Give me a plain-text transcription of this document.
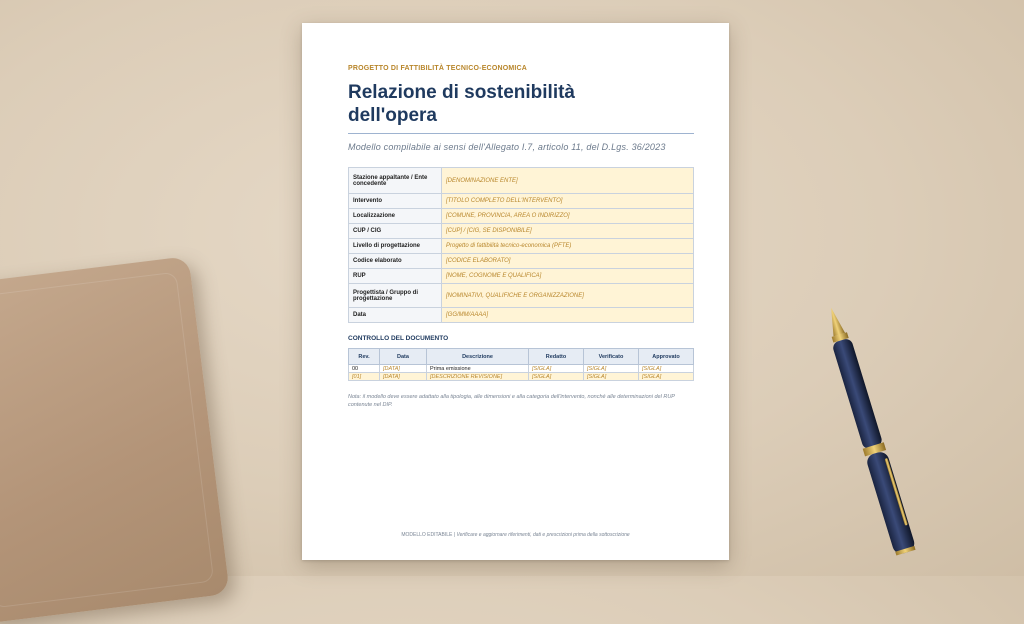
PROGETTO DI FATTIBILITÀ TECNICO-ECONOMICA
Relazione di sostenibilità
dell'opera
Modello compilabile ai sensi dell'Allegato I.7, articolo 11, del D.Lgs. 36/2023
Stazione appaltante / Ente concedente	[DENOMINAZIONE ENTE]
Intervento	[TITOLO COMPLETO DELL'INTERVENTO]
Localizzazione	[COMUNE, PROVINCIA, AREA O INDIRIZZO]
CUP / CIG	[CUP] / [CIG, SE DISPONIBILE]
Livello di progettazione	Progetto di fattibilità tecnico-economica (PFTE)
Codice elaborato	[CODICE ELABORATO]
RUP	[NOME, COGNOME E QUALIFICA]
Progettista / Gruppo di progettazione	[NOMINATIVI, QUALIFICHE E ORGANIZZAZIONE]
Data	[GG/MM/AAAA]
CONTROLLO DEL DOCUMENTO
Rev.	Data	Descrizione	Redatto	Verificato	Approvato
00	[DATA]	Prima emissione	[SIGLA]	[SIGLA]	[SIGLA]
[01]	[DATA]	[DESCRIZIONE REVISIONE]	[SIGLA]	[SIGLA]	[SIGLA]
Nota: il modello deve essere adattato alla tipologia, alle dimensioni e alla categoria dell'intervento, nonché alle determinazioni del RUP contenute nel DIP.
MODELLO EDITABILE | Verificare e aggiornare riferimenti, dati e prescrizioni prima della sottoscrizione
